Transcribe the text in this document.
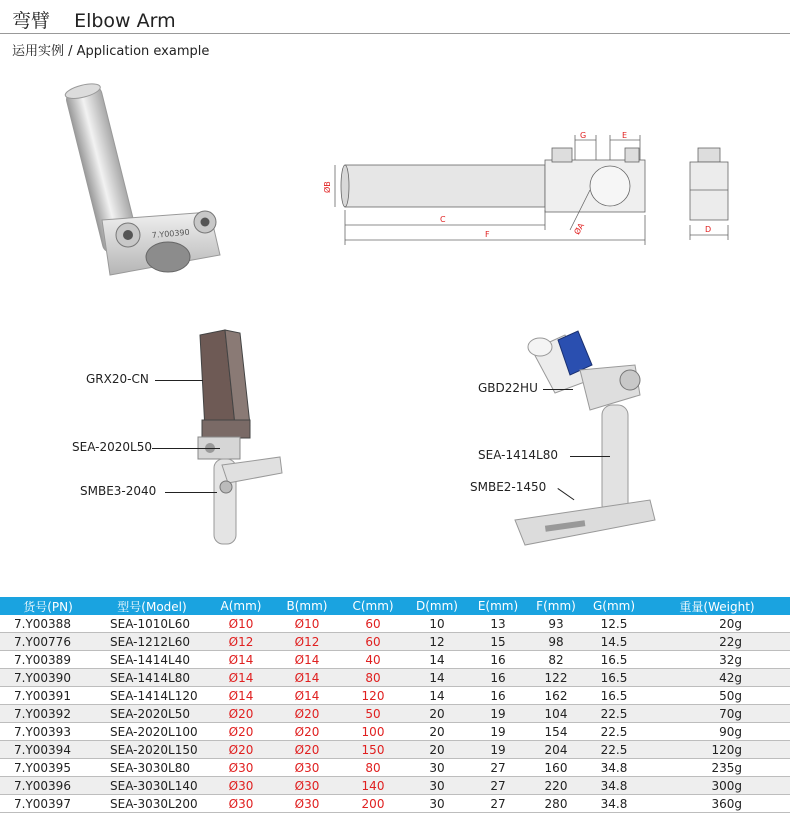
弯臂 Elbow Arm
运用实例 / Application example
7.Y00390
G	E
C
F
ØB
ØA	D
GRX20-CN
SEA-2020L50
SMBE3-2040
GBD22HU
SEA-1414L80
SMBE2-1450
货号(PN)	型号(Model)	A(mm)	B(mm)	C(mm)	D(mm)	E(mm)	F(mm)	G(mm)	重量(Weight)
7.Y00388	SEA-1010L60	Ø10	Ø10	60	10	13	93	12.5	20g
7.Y00776	SEA-1212L60	Ø12	Ø12	60	12	15	98	14.5	22g
7.Y00389	SEA-1414L40	Ø14	Ø14	40	14	16	82	16.5	32g
7.Y00390	SEA-1414L80	Ø14	Ø14	80	14	16	122	16.5	42g
7.Y00391	SEA-1414L120	Ø14	Ø14	120	14	16	162	16.5	50g
7.Y00392	SEA-2020L50	Ø20	Ø20	50	20	19	104	22.5	70g
7.Y00393	SEA-2020L100	Ø20	Ø20	100	20	19	154	22.5	90g
7.Y00394	SEA-2020L150	Ø20	Ø20	150	20	19	204	22.5	120g
7.Y00395	SEA-3030L80	Ø30	Ø30	80	30	27	160	34.8	235g
7.Y00396	SEA-3030L140	Ø30	Ø30	140	30	27	220	34.8	300g
7.Y00397	SEA-3030L200	Ø30	Ø30	200	30	27	280	34.8	360g
